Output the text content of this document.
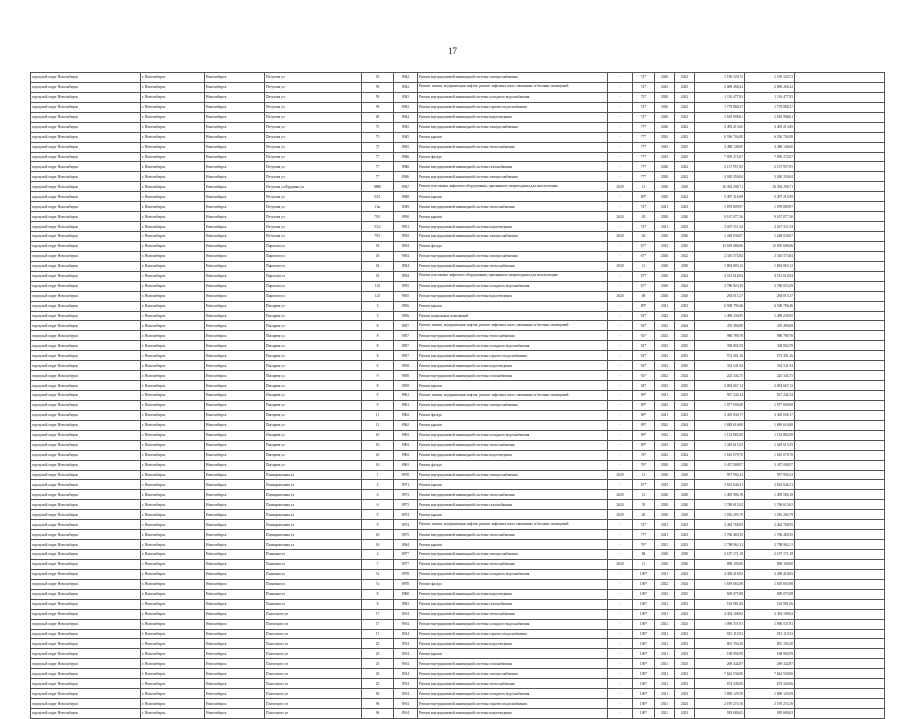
17
городской округ Новосибирск	г. Новосибирск	Новосибирск	Петухова ул	55	8942	Ремонт внутридомовой инженерной системы электроснабжения	-	72*	2020	2022	1 190 520,72	1 190 520,72	
городской округ Новосибирск	г. Новосибирск	Новосибирск	Петухова ул	59	8943	Ремонт, замена, модернизация лифтов, ремонт лифтовых шахт, машинных и блочных помещений	-	72*	2023	2025	2 069 268,22	2 069 268,22	
городской округ Новосибирск	г. Новосибирск	Новосибирск	Петухова ул	59	8943	Ремонт внутридомовой инженерной системы холодного водоснабжения	-	72*	2020	2022	1 116 477,92	1 116 477,92	
городской округ Новосибирск	г. Новосибирск	Новосибирск	Петухова ул	59	8943	Ремонт внутридомовой инженерной системы горячего водоснабжения	-	72*	2020	2022	1 778 868,37	1 778 868,37	
городской округ Новосибирск	г. Новосибирск	Новосибирск	Петухова ул	69	8944	Ремонт внутридомовой инженерной системы водоотведения	-	72*	2020	2022	1 618 908,61	1 618 908,61	
городской округ Новосибирск	г. Новосибирск	Новосибирск	Петухова ул	75	8945	Ремонт внутридомовой инженерной системы электроснабжения	-	77*	2020	2022	3 493 213,00	3 493 213,00	
городской округ Новосибирск	г. Новосибирск	Новосибирск	Петухова ул	75	8945	Ремонт крыши	-	77*	2023	2025	6 536 704,08	6 536 704,08	
городской округ Новосибирск	г. Новосибирск	Новосибирск	Петухова ул	75	8945	Ремонт внутридомовой инженерной системы теплоснабжения	-	77*	2023	2025	3 488 148,00	3 488 148,00	
городской округ Новосибирск	г. Новосибирск	Новосибирск	Петухова ул	77	8946	Ремонт фасада	-	77*	2023	2025	7 059 272,67	7 059 272,67	
городской округ Новосибирск	г. Новосибирск	Новосибирск	Петухова ул	77	8946	Ремонт внутридомовой инженерной системы газоснабжения	-	77*	2020	2022	2 157 957,05	2 157 957,05	
городской округ Новосибирск	г. Новосибирск	Новосибирск	Петухова ул	77	8946	Ремонт внутридомовой инженерной системы электроснабжения	-	77*	2020	2022	3 020 350,04	3 020 350,04	
городской округ Новосибирск	г. Новосибирск	Новосибирск	Петухова ул/Бурденко ул	8880	8947	Ремонт или замена лифтового оборудования, признанного непригодным для эксплуатации	2020	11	2020	2020	16 304 296,71	16 304 296,71	
городской округ Новосибирск	г. Новосибирск	Новосибирск	Петухова ул	53/1	8948	Ремонт крыши	-	89*	2020	2022	5 497 216,99	5 497 216,99	
городской округ Новосибирск	г. Новосибирск	Новосибирск	Петухова ул	16а	8949	Ремонт внутридомовой инженерной системы теплоснабжения	-	72*	2021	2023	1 878 809,97	1 878 809,97	
городской округ Новосибирск	г. Новосибирск	Новосибирск	Петухова ул	79/1	8950	Ремонт крыши	2020	20	2020	2020	9 167 077,26	9 167 077,26	
городской округ Новосибирск	г. Новосибирск	Новосибирск	Петухова ул	53/2	8951	Ремонт внутридомовой инженерной системы водоотведения	-	72*	2021	2023	2 027 511,54	2 027 511,54	
городской округ Новосибирск	г. Новосибирск	Новосибирск	Петухова ул	79/1	8952	Ремонт внутридомовой инженерной системы электроснабжения	2020	20	2020	2020	1 248 030,07	1 248 030,07	
городской округ Новосибирск	г. Новосибирск	Новосибирск	Пирогова ул	18	8954	Ремонт фасада	-	67*	2023	2025	12 659 686,66	12 659 686,66	
городской округ Новосибирск	г. Новосибирск	Новосибирск	Пирогова ул	18	8954	Ремонт внутридомовой инженерной системы электроснабжения	-	67*	2020	2022	2 316 573,84	2 316 573,84	
городской округ Новосибирск	г. Новосибирск	Новосибирск	Пирогова ул	18	8954	Ремонт внутридомовой инженерной системы теплоснабжения	2020	11	2020	2020	1 863 803,12	1 863 803,12	
городской округ Новосибирск	г. Новосибирск	Новосибирск	Пирогова ул	18	8954	Ремонт или замена лифтового оборудования, признанного непригодным для эксплуатации	-	67*	2020	2022	4 513 618,04	4 513 618,04	
городской округ Новосибирск	г. Новосибирск	Новосибирск	Пирогова ул	125	8955	Ремонт внутридомовой инженерной системы холодного водоснабжения	-	67*	2020	2022	2 786 823,29	2 786 823,29	
городской округ Новосибирск	г. Новосибирск	Новосибирск	Пирогова ул	125	8955	Ремонт внутридомовой инженерной системы водоотведения	2020	68	2020	2020	294 015,17	294 015,17	
городской округ Новосибирск	г. Новосибирск	Новосибирск	Писарева ул	5	8956	Ремонт крыши	-	89*	2021	2023	6 508 796,46	6 508 796,46	
городской округ Новосибирск	г. Новосибирск	Новосибирск	Писарева ул	5	8956	Ремонт подвальных помещений	-	92*	2022	2024	1 499 230,95	1 499 230,95	
городской округ Новосибирск	г. Новосибирск	Новосибирск	Писарева ул	8	8957	Ремонт, замена, модернизация лифтов, ремонт лифтовых шахт, машинных и блочных помещений	-	92*	2022	2024	476 490,08	476 490,08	
городской округ Новосибирск	г. Новосибирск	Новосибирск	Писарева ул	8	8957	Ремонт внутридомовой инженерной системы теплоснабжения	-	92*	2023	2025	988 789,78	988 789,78	
городской округ Новосибирск	г. Новосибирск	Новосибирск	Писарева ул	8	8957	Ремонт внутридомовой инженерной системы холодного водоснабжения	-	92*	2023	2025	338 802,59	338 802,59	
городской округ Новосибирск	г. Новосибирск	Новосибирск	Писарева ул	8	8957	Ремонт внутридомовой инженерной системы горячего водоснабжения	-	92*	2023	2025	572 301,16	572 301,16	
городской округ Новосибирск	г. Новосибирск	Новосибирск	Писарева ул	9	8958	Ремонт внутридомовой инженерной системы водоотведения	-	92*	2023	2025	334 541,94	334 541,94	
городской округ Новосибирск	г. Новосибирск	Новосибирск	Писарева ул	9	8958	Ремонт внутридомовой инженерной системы газоснабжения	-	92*	2022	2024	225 344,75	225 344,75	
городской округ Новосибирск	г. Новосибирск	Новосибирск	Писарева ул	8	8959	Ремонт крыши	-	94*	2023	2025	2 094 667,13	2 094 667,13	
городской округ Новосибирск	г. Новосибирск	Новосибирск	Писарева ул	9	8961	Ремонт, замена, модернизация лифтов, ремонт лифтовых шахт, машинных и блочных помещений	-	89*	2021	2023	927 242,34	927 242,34	
городской округ Новосибирск	г. Новосибирск	Новосибирск	Писарева ул	9	8961	Ремонт внутридомовой инженерной системы электроснабжения	-	89*	2022	2024	1 077 690,08	1 077 690,08	
городской округ Новосибирск	г. Новосибирск	Новосибирск	Писарева ул	11	8962	Ремонт фасада	-	89*	2021	2023	3 435 038,17	3 435 038,17	
городской округ Новосибирск	г. Новосибирск	Новосибирск	Писарева ул	11	8962	Ремонт крыши	-	89*	2022	2024	1 849 616,88	1 849 616,88	
городской округ Новосибирск	г. Новосибирск	Новосибирск	Писарева ул	16	8963	Ремонт внутридомовой инженерной системы холодного водоснабжения	-	89*	2022	2024	1 152 882,08	1 152 882,08	
городской округ Новосибирск	г. Новосибирск	Новосибирск	Писарева ул	16	8963	Ремонт внутридомовой инженерной системы теплоснабжения	-	89*	2023	2025	1 349 615,55	1 349 615,55	
городской округ Новосибирск	г. Новосибирск	Новосибирск	Писарева ул	16	8963	Ремонт внутридомовой инженерной системы водоотведения	-	76*	2022	2024	1 616 078,70	1 616 078,70	
городской округ Новосибирск	г. Новосибирск	Новосибирск	Писарева ул	16	8963	Ремонт фасада	-	76*	2020	2020	3 437 008,97	3 437 008,97	
городской округ Новосибирск	г. Новосибирск	Новосибирск	Планировочная ул	1	8970	Ремонт внутридомовой инженерной системы электроснабжения	2020	11	2020	2020	957 994,32	957 994,32	
городской округ Новосибирск	г. Новосибирск	Новосибирск	Планировочная ул	2	8971	Ремонт крыши	-	67*	2023	2025	3 652 646,31	3 652 646,31	
городской округ Новосибирск	г. Новосибирск	Новосибирск	Планировочная ул	6	8973	Ремонт внутридомовой инженерной системы теплоснабжения	2020	12	2020	2020	1 495 586,18	1 495 586,18	
городской округ Новосибирск	г. Новосибирск	Новосибирск	Планировочная ул	6	8973	Ремонт внутридомовой инженерной системы газоснабжения	2020	35	2020	2020	1 768 615,02	1 768 615,02	
городской округ Новосибирск	г. Новосибирск	Новосибирск	Планировочная ул	9	8974	Ремонт крыши	2020	20	2020	2020	1 016 205,79	1 016 205,79	
городской округ Новосибирск	г. Новосибирск	Новосибирск	Планировочная ул	9	8974	Ремонт, замена, модернизация лифтов, ремонт лифтовых шахт, машинных и блочных помещений	-	72*	2021	2023	2 462 768,95	2 462 768,95	
городской округ Новосибирск	г. Новосибирск	Новосибирск	Планировочная ул	16	8975	Ремонт внутридомовой инженерной системы теплоснабжения	-	77*	2021	2023	1 766 469,35	1 766 469,35	
городской округ Новосибирск	г. Новосибирск	Новосибирск	Планировочная ул	16	8944	Ремонт крыши	-	76*	2021	2023	2 708 962,11	2 708 962,11	
городской округ Новосибирск	г. Новосибирск	Новосибирск	Плановая ул	2	8977	Ремонт внутридомовой инженерной системы электроснабжения	-	68	2020	2020	2 107 171,18	2 107 171,18	
городской округ Новосибирск	г. Новосибирск	Новосибирск	Плановая ул	7	8977	Ремонт внутридомовой инженерной системы теплоснабжения	2020	11	2020	2020	898 100,60	898 100,60	
городской округ Новосибирск	г. Новосибирск	Новосибирск	Плановая ул	7а	8978	Ремонт внутридомовой инженерной системы холодного водоснабжения	-	100*	2021	2023	2 458 418,05	2 458 418,05	
городской округ Новосибирск	г. Новосибирск	Новосибирск	Плановая ул	7а	8978	Ремонт фасада	-	100*	2022	2024	1 639 663,98	1 639 663,98	
городской округ Новосибирск	г. Новосибирск	Новосибирск	Плановая ул	8	8980	Ремонт внутридомовой инженерной системы водоотведения	-	100*	2023	2025	609 075,98	609 075,98	
городской округ Новосибирск	г. Новосибирск	Новосибирск	Плановая ул	8	8981	Ремонт внутридомовой инженерной системы газоснабжения	-	100*	2021	2023	163 981,06	163 981,06	
городской округ Новосибирск	г. Новосибирск	Новосибирск	Плахотного ул	17	8914	Ремонт внутридомовой инженерной системы теплоснабжения	-	100*	2021	2023	2 454 108,82	2 454 108,82	
городской округ Новосибирск	г. Новосибирск	Новосибирск	Плахотного ул	17	8914	Ремонт внутридомовой инженерной системы холодного водоснабжения	-	100*	2021	2023	1 096 537,81	1 096 537,81	
городской округ Новосибирск	г. Новосибирск	Новосибирск	Плахотного ул	17	8914	Ремонт внутридомовой инженерной системы горячего водоснабжения	-	100*	2021	2023	815 119,53	815 119,53	
городской округ Новосибирск	г. Новосибирск	Новосибирск	Плахотного ул	25	8914	Ремонт внутридомовой инженерной системы водоотведения	-	100*	2021	2023	801 194,20	801 194,20	
городской округ Новосибирск	г. Новосибирск	Новосибирск	Плахотного ул	25	8914	Ремонт крыши	-	100*	2021	2023	168 904,99	168 904,99	
городской округ Новосибирск	г. Новосибирск	Новосибирск	Плахотного ул	25	8914	Ремонт внутридомовой инженерной системы газоснабжения	-	100*	2021	2023	269 442,87	269 442,87	
городской округ Новосибирск	г. Новосибирск	Новосибирск	Плахотного ул	25	8914	Ремонт внутридомовой инженерной системы электроснабжения	-	100*	2021	2023	7 642 530,00	7 642 530,00	
городской округ Новосибирск	г. Новосибирск	Новосибирск	Плахотного ул	25	8914	Ремонт внутридомовой инженерной системы теплоснабжения	-	100*	2021	2023	674 340,06	674 340,06	
городской округ Новосибирск	г. Новосибирск	Новосибирск	Плахотного ул	96	8914	Ремонт внутридомовой инженерной системы холодного водоснабжения	-	100*	2021	2023	1 800 129,59	1 800 129,59	
городской округ Новосибирск	г. Новосибирск	Новосибирск	Плахотного ул	96	8914	Ремонт внутридомовой инженерной системы горячего водоснабжения	-	100*	2021	2023	2 195 274,16	2 195 274,16	
городской округ Новосибирск	г. Новосибирск	Новосибирск	Плахотного ул	96	8914	Ремонт внутридомовой инженерной системы водоотведения	-	100*	2021	2023	929 680,02	929 680,02	
